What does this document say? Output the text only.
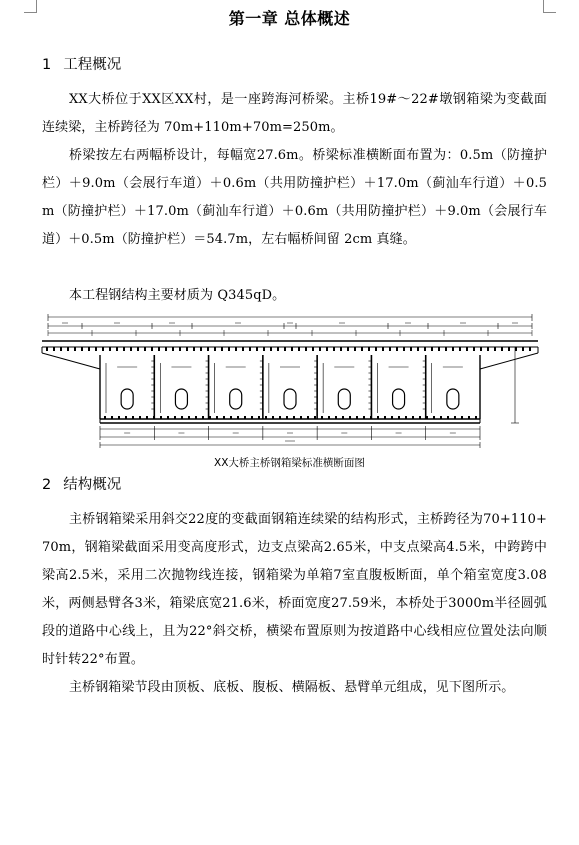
第一章 总体概述
1 工程概况
XX大桥位于XX区XX村，是一座跨海河桥梁。主桥19#～22#墩钢箱梁为变截面连续梁，主桥跨径为 70m+110m+70m=250m。
桥梁按左右两幅桥设计，每幅宽27.6m。桥梁标准横断面布置为：0.5m（防撞护栏）＋9.0m（会展行车道）＋0.6m（共用防撞护栏）＋17.0m（蓟汕车行道）＋0.5m（防撞护栏）＋17.0m（蓟汕车行道）＋0.6m（共用防撞护栏）＋9.0m（会展行车道）＋0.5m（防撞护栏）＝54.7m，左右幅桥间留 2cm 真缝。
本工程钢结构主要材质为 Q345qD。
XX大桥主桥钢箱梁标准横断面图
2 结构概况
主桥钢箱梁采用斜交22度的变截面钢箱连续梁的结构形式，主桥跨径为70+110+70m，钢箱梁截面采用变高度形式，边支点梁高2.65米，中支点梁高4.5米，中跨跨中梁高2.5米，采用二次抛物线连接，钢箱梁为单箱7室直腹板断面，单个箱室宽度3.08米，两侧悬臂各3米，箱梁底宽21.6米，桥面宽度27.59米，本桥处于3000m半径圆弧段的道路中心线上，且为22°斜交桥，横梁布置原则为按道路中心线相应位置处法向顺时针转22°布置。
主桥钢箱梁节段由顶板、底板、腹板、横隔板、悬臂单元组成，见下图所示。
